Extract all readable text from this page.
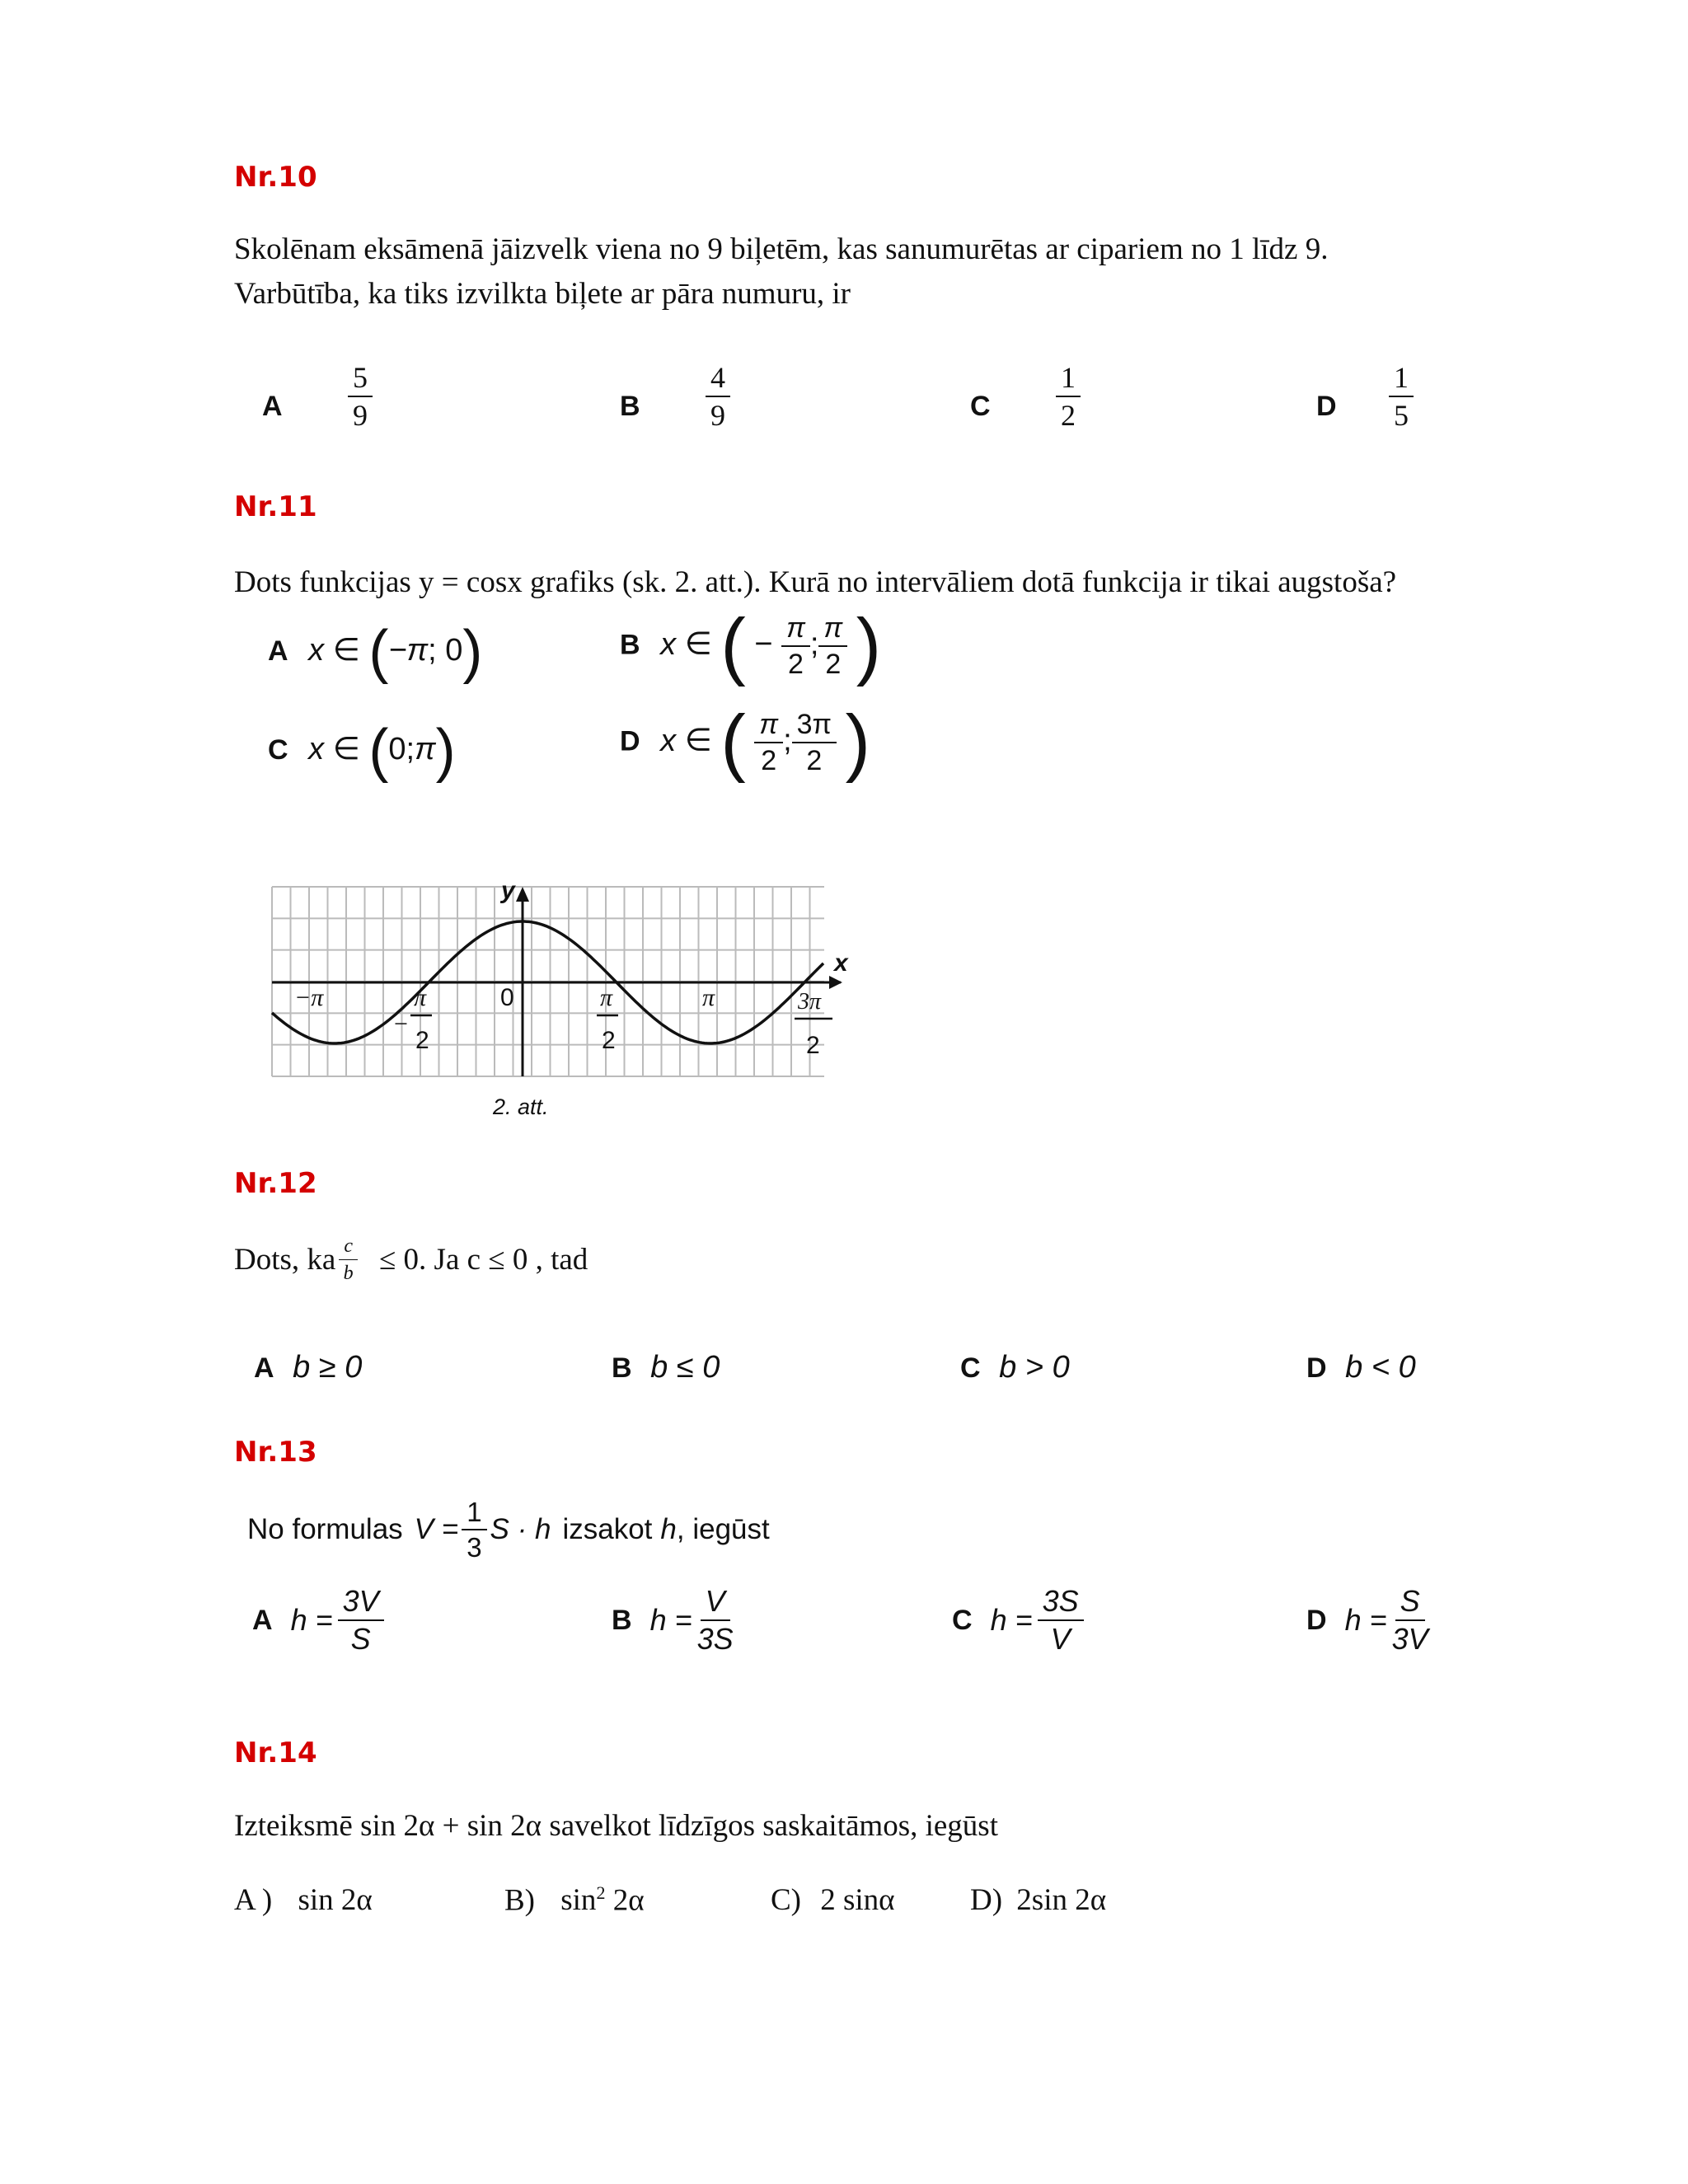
Nr.10
Skolēnam eksāmenā jāizvelk viena no 9 biļetēm, kas sanumurētas ar cipariem no 1 līdz 9.
Varbūtība, ka tiks izvilkta biļete ar pāra numuru, ir
A $\frac{5}{9}$	B $\frac{4}{9}$	C $\frac{1}{2}$	D $\frac{1}{5}$
Nr.11
Dots funkcijas y = cosx grafiks (sk. 2. att.). Kurā no intervāliem dotā funkcija ir tikai augstoša?
A x ∈ (−π; 0)	B x ∈ ( − $\frac{\pi}{2}$ ; $\frac{\pi}{2}$ )
C x ∈ (0;π)	D x ∈ ( $\frac{\pi}{2}$ ; $\frac{3\pi}{2}$ )
y
x
0
−π
−
π
2
π
2
π	3π
2
2. att.
Nr.12
Dots, ka $\frac{c}{b} \le 0$. Ja c ≤ 0 , tad
A b ≥ 0	B b ≤ 0	C b > 0	D b < 0
Nr.13
No formulas $V = \frac{1}{3}$ S · h izsakot h , iegūst
A $h = \frac{3V}{S}$	B $h = \frac{V}{3S}$	C $h = \frac{3S}{V}$	D $h = \frac{S}{3V}$
Nr.14
Izteiksmē sin 2α + sin 2α savelkot līdzīgos saskaitāmos, iegūst
A ) sin 2α	B) $\sin^2 2\alpha$	C) 2 sinα D) 2sin 2α
